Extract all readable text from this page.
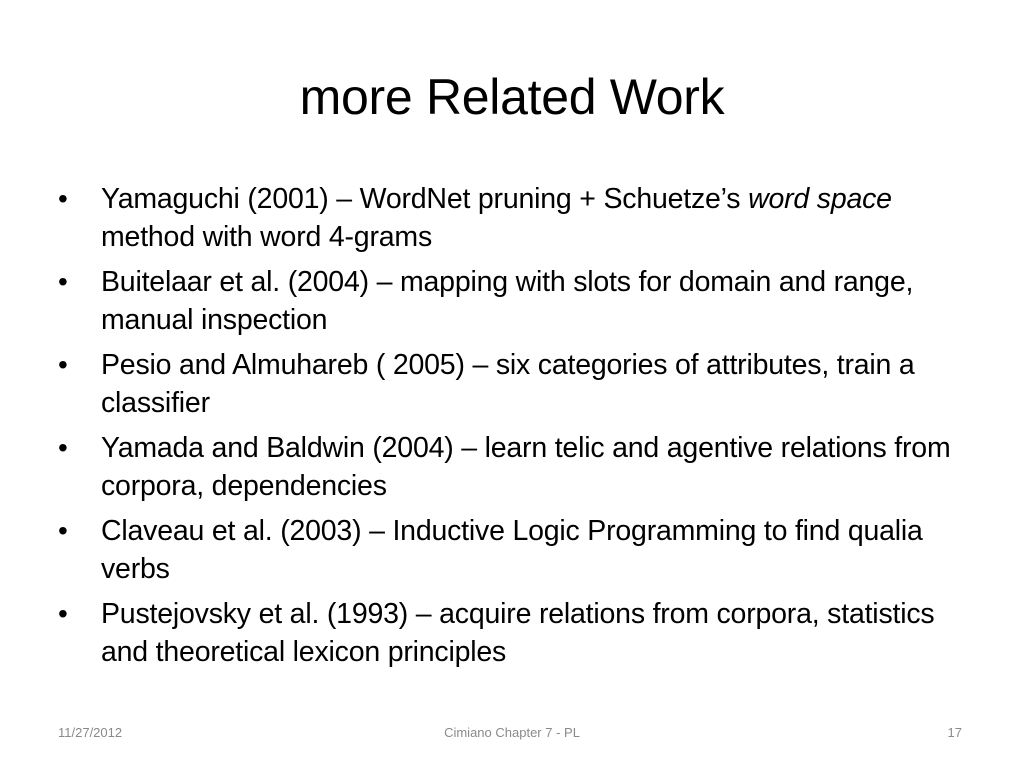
more Related Work
•	Yamaguchi (2001) – WordNet pruning + Schuetze’s word space method with word 4-grams
•	Buitelaar et al. (2004) – mapping with slots for domain and range, manual inspection
•	Pesio and Almuhareb ( 2005) – six categories of attributes, train a classifier
•	Yamada and Baldwin (2004) – learn telic and agentive relations from corpora, dependencies
•	Claveau et al. (2003) – Inductive Logic Programming to find qualia verbs
•	Pustejovsky et al. (1993) – acquire relations from corpora, statistics and theoretical lexicon principles
11/27/2012	Cimiano Chapter 7 - PL	17
